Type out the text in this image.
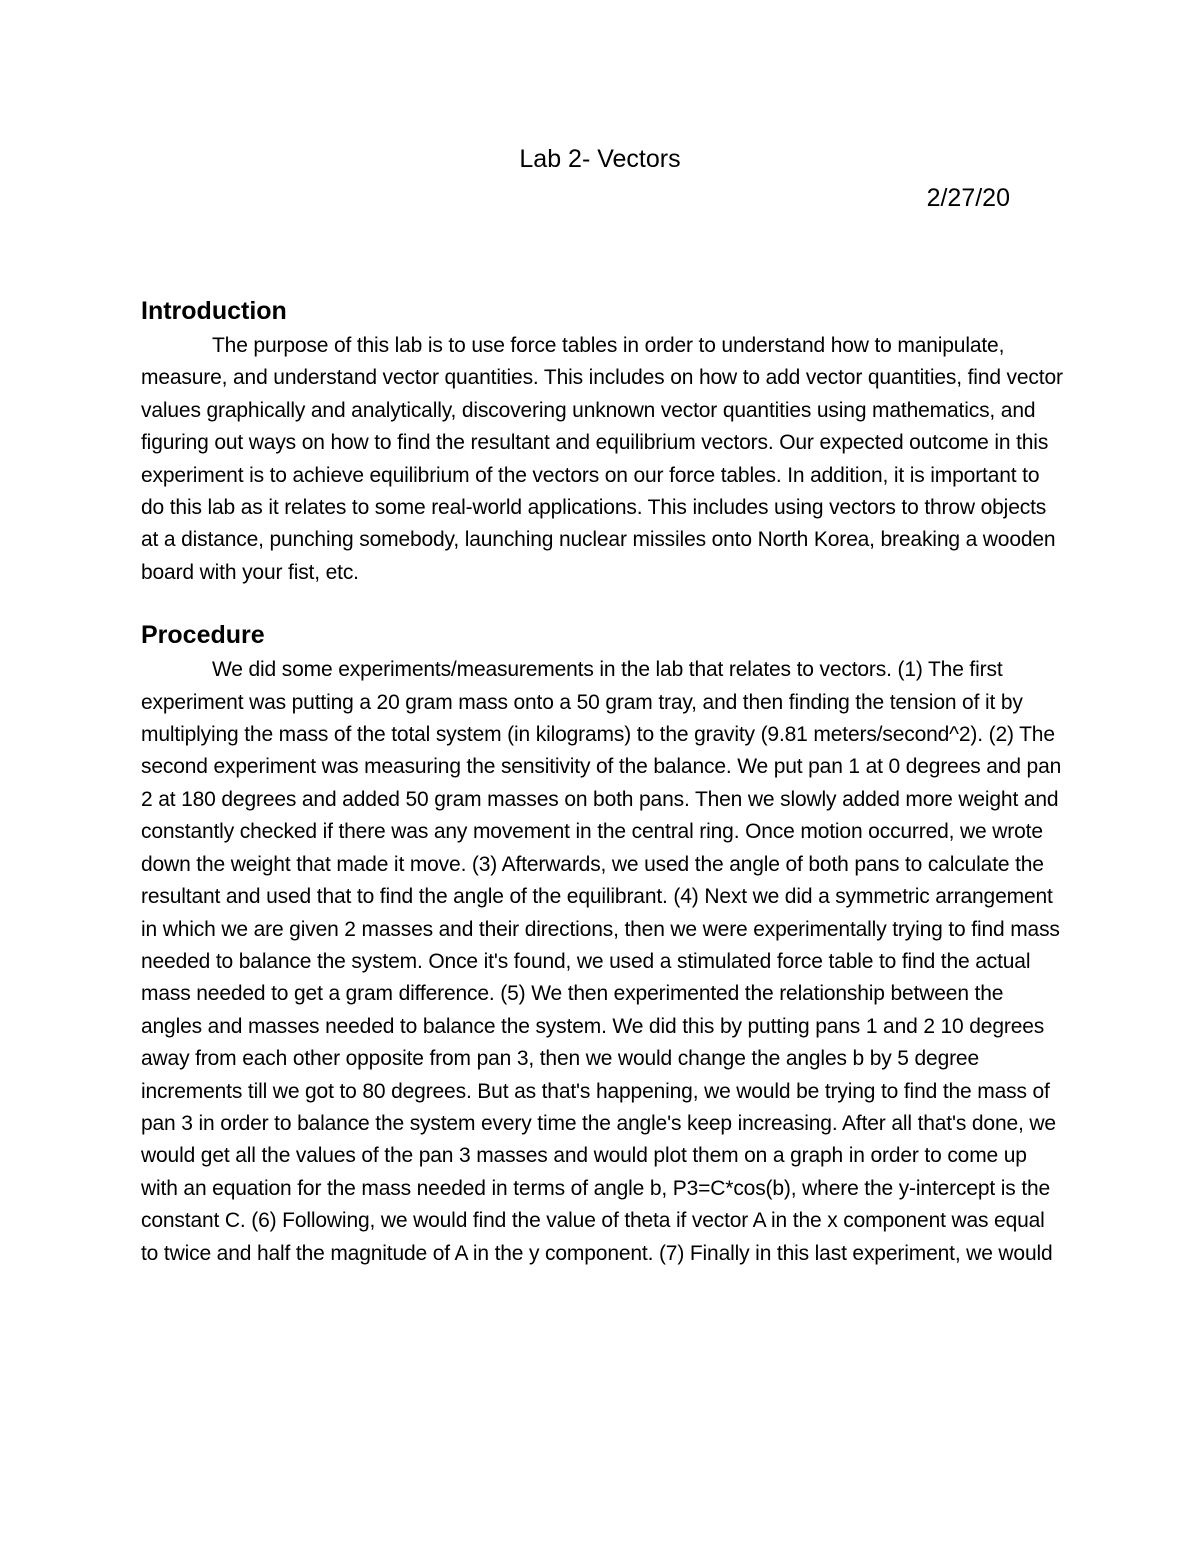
Lab 2- Vectors
2/27/20
Introduction

The purpose of this lab is to use force tables in order to understand how to manipulate, measure, and understand vector quantities. This includes on how to add vector quantities, find vector values graphically and analytically, discovering unknown vector quantities using mathematics, and figuring out ways on how to find the resultant and equilibrium vectors. Our expected outcome in this experiment is to achieve equilibrium of the vectors on our force tables. In addition, it is important to do this lab as it relates to some real-world applications. This includes using vectors to throw objects at a distance, punching somebody, launching nuclear missiles onto North Korea, breaking a wooden board with your fist, etc.

Procedure

We did some experiments/measurements in the lab that relates to vectors. (1) The first experiment was putting a 20 gram mass onto a 50 gram tray, and then finding the tension of it by multiplying the mass of the total system (in kilograms) to the gravity (9.81 meters/second^2). (2) The second experiment was measuring the sensitivity of the balance. We put pan 1 at 0 degrees and pan 2 at 180 degrees and added 50 gram masses on both pans. Then we slowly added more weight and constantly checked if there was any movement in the central ring. Once motion occurred, we wrote down the weight that made it move. (3) Afterwards, we used the angle of both pans to calculate the resultant and used that to find the angle of the equilibrant. (4) Next we did a symmetric arrangement in which we are given 2 masses and their directions, then we were experimentally trying to find mass needed to balance the system. Once it's found, we used a stimulated force table to find the actual mass needed to get a gram difference. (5) We then experimented the relationship between the angles and masses needed to balance the system. We did this by putting pans 1 and 2 10 degrees away from each other opposite from pan 3, then we would change the angles b by 5 degree increments till we got to 80 degrees. But as that's happening, we would be trying to find the mass of pan 3 in order to balance the system every time the angle's keep increasing. After all that's done, we would get all the values of the pan 3 masses and would plot them on a graph in order to come up with an equation for the mass needed in terms of angle b, P3=C*cos(b), where the y-intercept is the constant C. (6) Following, we would find the value of theta if vector A in the x component was equal to twice and half the magnitude of A in the y component. (7) Finally in this last experiment, we would
